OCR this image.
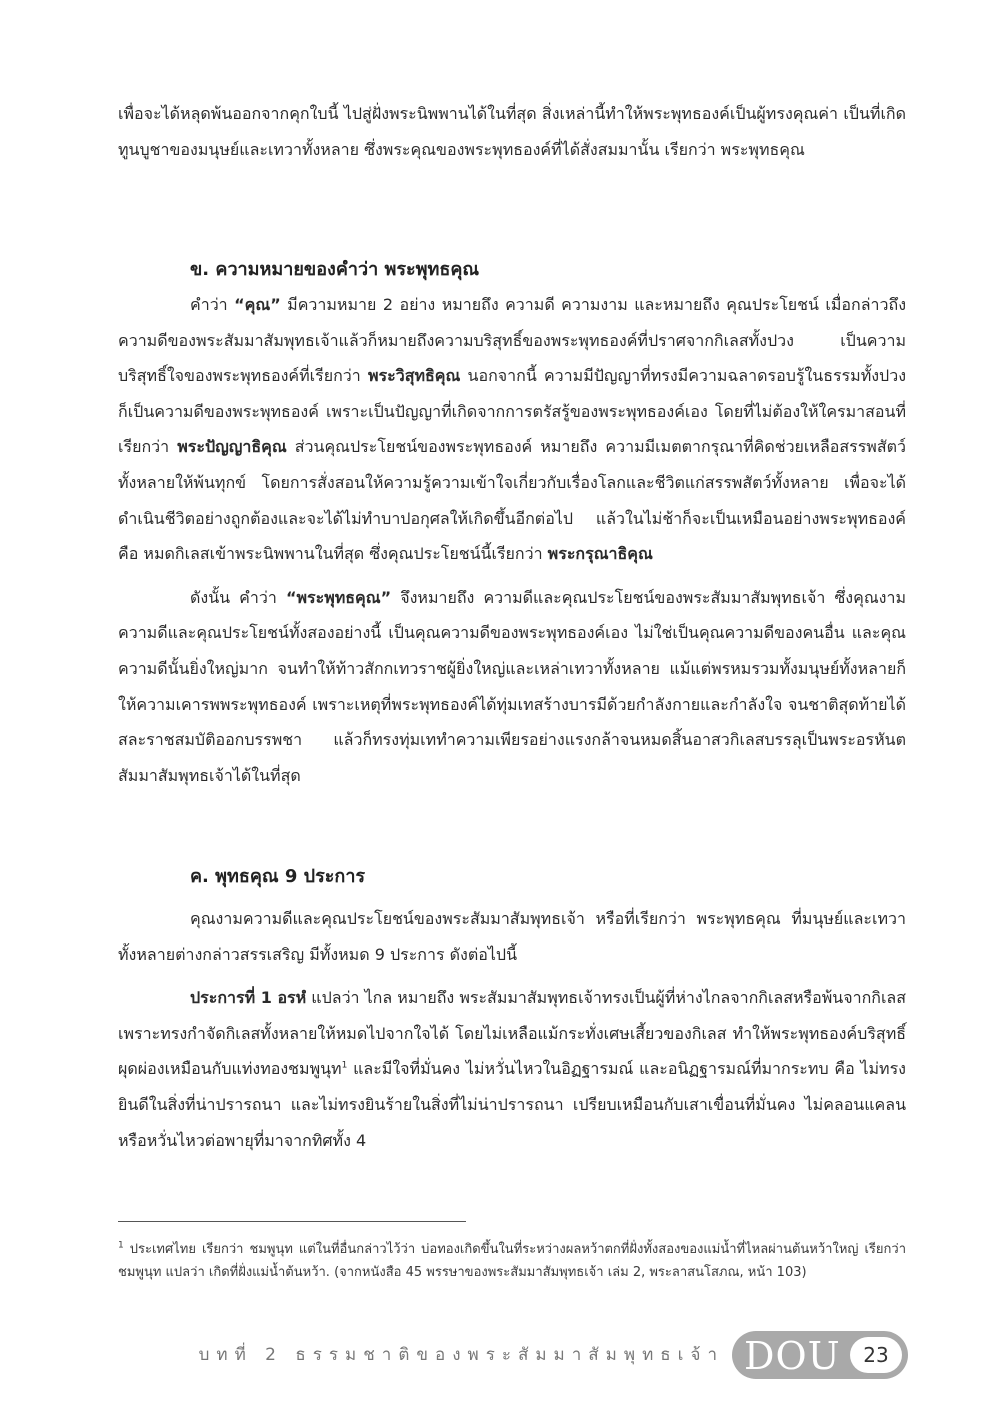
เพื่อจะได้หลุดพ้นออกจากคุกใบนี้ ไปสู่ฝั่งพระนิพพานได้ในที่สุด สิ่งเหล่านี้ทำให้พระพุทธองค์เป็นผู้ทรงคุณค่า เป็นที่เกิดทูนบูชาของมนุษย์และเทวาทั้งหลาย ซึ่งพระคุณของพระพุทธองค์ที่ได้สั่งสมมานั้น เรียกว่า พระพุทธคุณ

ข. ความหมายของคำว่า พระพุทธคุณ

คำว่า “คุณ” มีความหมาย 2 อย่าง หมายถึง ความดี ความงาม และหมายถึง คุณประโยชน์ เมื่อกล่าวถึงความดีของพระสัมมาสัมพุทธเจ้าแล้วก็หมายถึงความบริสุทธิ์ของพระพุทธองค์ที่ปราศจากกิเลสทั้งปวง เป็นความบริสุทธิ์ใจของพระพุทธองค์ที่เรียกว่า พระวิสุทธิคุณ นอกจากนี้ ความมีปัญญาที่ทรงมีความฉลาดรอบรู้ในธรรมทั้งปวงก็เป็นความดีของพระพุทธองค์ เพราะเป็นปัญญาที่เกิดจากการตรัสรู้ของพระพุทธองค์เอง โดยที่ไม่ต้องให้ใครมาสอนที่เรียกว่า พระปัญญาธิคุณ ส่วนคุณประโยชน์ของพระพุทธองค์ หมายถึง ความมีเมตตากรุณาที่คิดช่วยเหลือสรรพสัตว์ทั้งหลายให้พ้นทุกข์ โดยการสั่งสอนให้ความรู้ความเข้าใจเกี่ยวกับเรื่องโลกและชีวิตแก่สรรพสัตว์ทั้งหลาย เพื่อจะได้ดำเนินชีวิตอย่างถูกต้องและจะได้ไม่ทำบาปอกุศลให้เกิดขึ้นอีกต่อไป แล้วในไม่ช้าก็จะเป็นเหมือนอย่างพระพุทธองค์ คือ หมดกิเลสเข้าพระนิพพานในที่สุด ซึ่งคุณประโยชน์นี้เรียกว่า พระกรุณาธิคุณ

ดังนั้น คำว่า “พระพุทธคุณ” จึงหมายถึง ความดีและคุณประโยชน์ของพระสัมมาสัมพุทธเจ้า ซึ่งคุณงามความดีและคุณประโยชน์ทั้งสองอย่างนี้ เป็นคุณความดีของพระพุทธองค์เอง ไม่ใช่เป็นคุณความดีของคนอื่น และคุณความดีนั้นยิ่งใหญ่มาก จนทำให้ท้าวสักกเทวราชผู้ยิ่งใหญ่และเหล่าเทวาทั้งหลาย แม้แต่พรหมรวมทั้งมนุษย์ทั้งหลายก็ให้ความเคารพพระพุทธองค์ เพราะเหตุที่พระพุทธองค์ได้ทุ่มเทสร้างบารมีด้วยกำลังกายและกำลังใจ จนชาติสุดท้ายได้สละราชสมบัติออกบรรพชา แล้วก็ทรงทุ่มเททำความเพียรอย่างแรงกล้าจนหมดสิ้นอาสวกิเลสบรรลุเป็นพระอรหันตสัมมาสัมพุทธเจ้าได้ในที่สุด

ค. พุทธคุณ 9 ประการ

คุณงามความดีและคุณประโยชน์ของพระสัมมาสัมพุทธเจ้า หรือที่เรียกว่า พระพุทธคุณ ที่มนุษย์และเทวาทั้งหลายต่างกล่าวสรรเสริญ มีทั้งหมด 9 ประการ ดังต่อไปนี้

ประการที่ 1 อรหํ แปลว่า ไกล หมายถึง พระสัมมาสัมพุทธเจ้าทรงเป็นผู้ที่ห่างไกลจากกิเลสหรือพ้นจากกิเลส เพราะทรงกำจัดกิเลสทั้งหลายให้หมดไปจากใจได้ โดยไม่เหลือแม้กระทั่งเศษเสี้ยวของกิเลส ทำให้พระพุทธองค์บริสุทธิ์ผุดผ่องเหมือนกับแท่งทองชมพูนุท$^1$ และมีใจที่มั่นคง ไม่หวั่นไหวในอิฏฐารมณ์ และอนิฏฐารมณ์ที่มากระทบ คือ ไม่ทรงยินดีในสิ่งที่น่าปรารถนา และไม่ทรงยินร้ายในสิ่งที่ไม่น่าปรารถนา เปรียบเหมือนกับเสาเขื่อนที่มั่นคง ไม่คลอนแคลนหรือหวั่นไหวต่อพายุที่มาจากทิศทั้ง 4

$^1$ ประเทศไทย เรียกว่า ชมพูนุท แต่ในที่อื่นกล่าวไว้ว่า บ่อทองเกิดขึ้นในที่ระหว่างผลหว้าตกที่ฝั่งทั้งสองของแม่น้ำที่ไหลผ่านต้นหว้าใหญ่ เรียกว่า ชมพูนุท แปลว่า เกิดที่ฝั่งแม่น้ำต้นหว้า. (จากหนังสือ 45 พรรษาของพระสัมมาสัมพุทธเจ้า เล่ม 2, พระลาสนโสภณ, หน้า 103)
บทที่ 2 ธรรมชาติของพระสัมมาสัมพุทธเจ้า DOU	23
